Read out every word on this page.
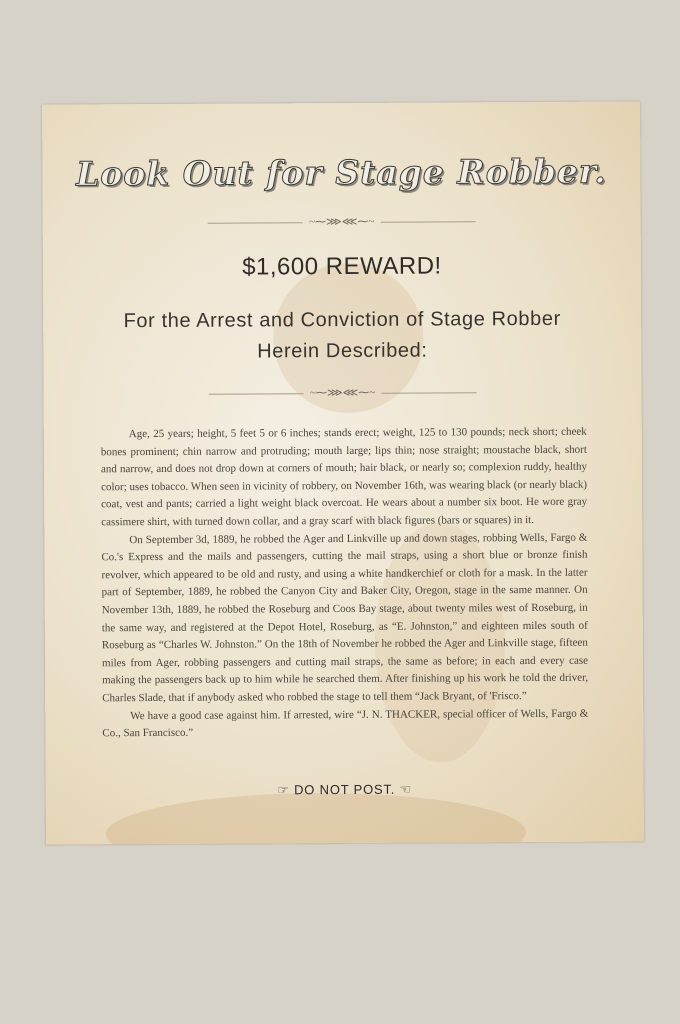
Look Out for Stage Robber.
~⁓⋙⋘⁓~
$1,600 REWARD!
For the Arrest and Conviction of Stage Robber
Herein Described:
~⁓⋙⋘⁓~

Age, 25 years; height, 5 feet 5 or 6 inches; stands erect; weight, 125 to 130 pounds; neck short; cheek bones prominent; chin narrow and protruding; mouth large; lips thin; nose straight; moustache black, short and narrow, and does not drop down at corners of mouth; hair black, or nearly so; complexion ruddy, healthy color; uses tobacco. When seen in vicinity of robbery, on November 16th, was wearing black (or nearly black) coat, vest and pants; carried a light weight black overcoat. He wears about a number six boot. He wore gray cassimere shirt, with turned down collar, and a gray scarf with black figures (bars or squares) in it.

On September 3d, 1889, he robbed the Ager and Linkville up and down stages, robbing Wells, Fargo & Co.'s Express and the mails and passengers, cutting the mail straps, using a short blue or bronze finish revolver, which appeared to be old and rusty, and using a white handkerchief or cloth for a mask. In the latter part of September, 1889, he robbed the Canyon City and Baker City, Oregon, stage in the same manner. On November 13th, 1889, he robbed the Roseburg and Coos Bay stage, about twenty miles west of Roseburg, in the same way, and registered at the Depot Hotel, Roseburg, as “E. Johnston,” and eighteen miles south of Roseburg as “Charles W. Johnston.” On the 18th of November he robbed the Ager and Linkville stage, fifteen miles from Ager, robbing passengers and cutting mail straps, the same as before; in each and every case making the passengers back up to him while he searched them. After finishing up his work he told the driver, Charles Slade, that if anybody asked who robbed the stage to tell them “Jack Bryant, of 'Frisco.”

We have a good case against him. If arrested, wire “J. N. THACKER, special officer of Wells, Fargo & Co., San Francisco.”

☞ DO NOT POST. ☜
